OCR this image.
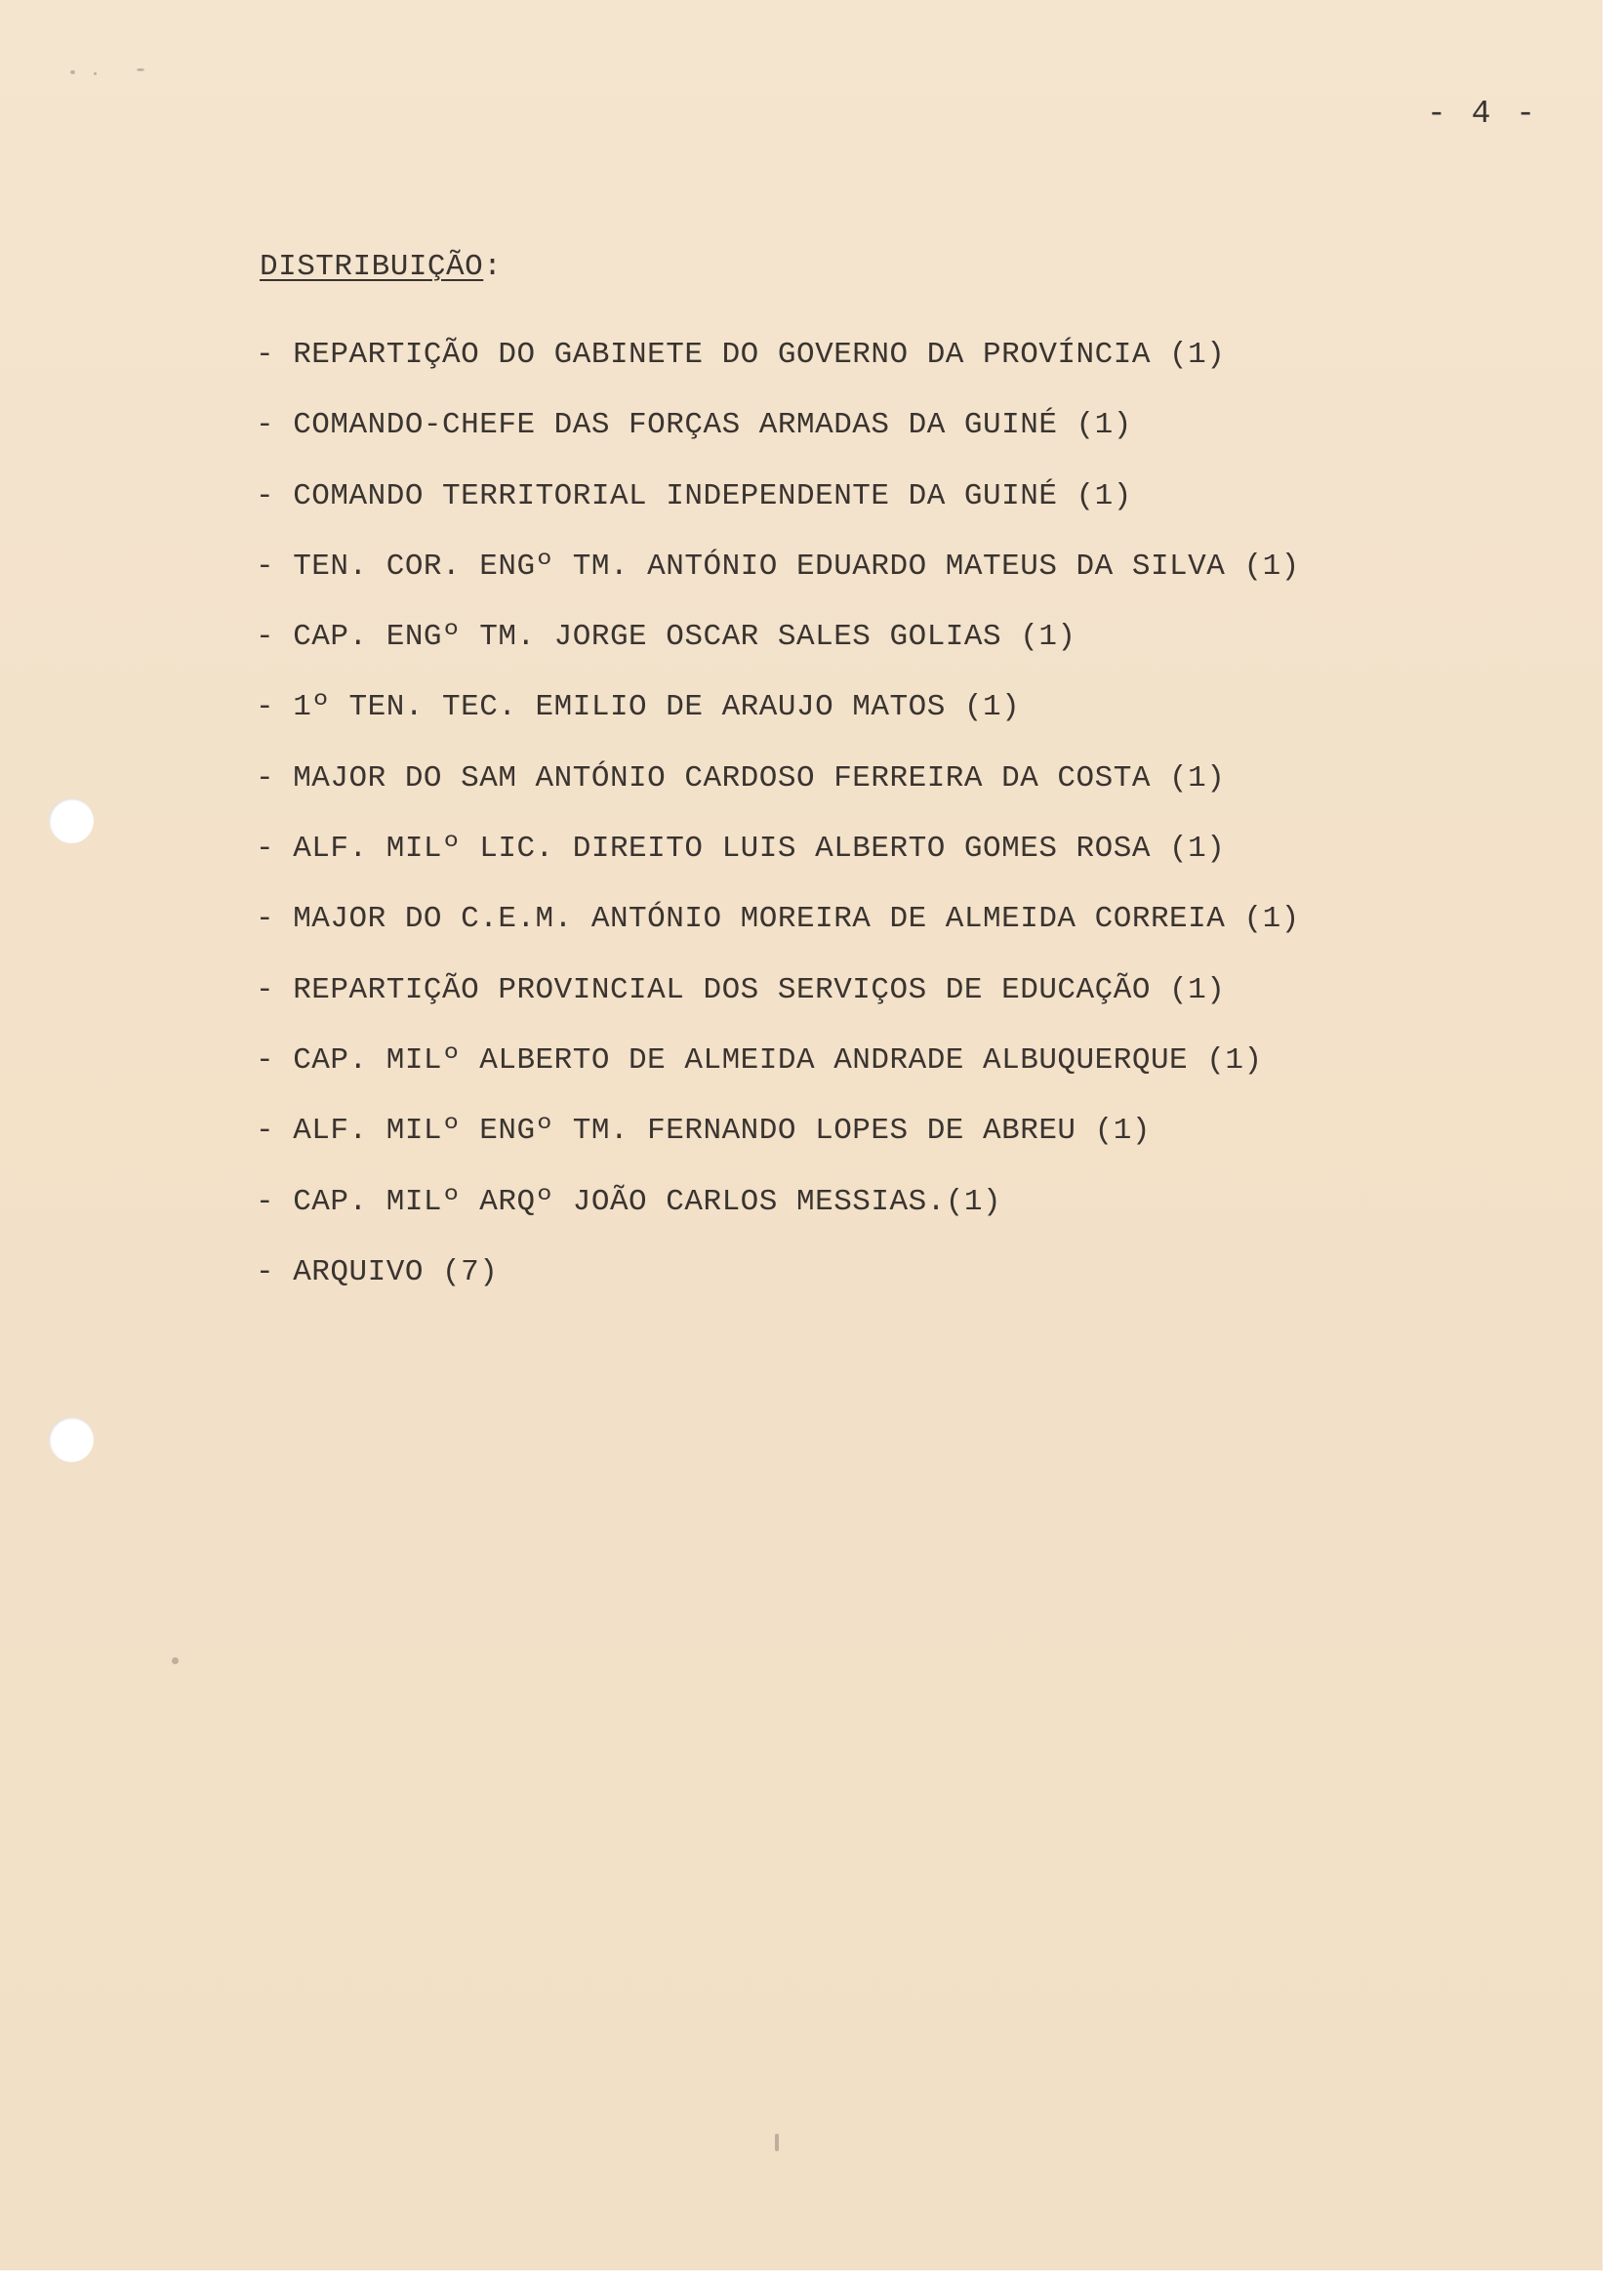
- 4 -
DISTRIBUIÇÃO:
- REPARTIÇÃO DO GABINETE DO GOVERNO DA PROVÍNCIA (1)
- COMANDO-CHEFE DAS FORÇAS ARMADAS DA GUINÉ (1)
- COMANDO TERRITORIAL INDEPENDENTE DA GUINÉ (1)
- TEN. COR. ENGº TM. ANTÓNIO EDUARDO MATEUS DA SILVA (1)
- CAP. ENGº TM. JORGE OSCAR SALES GOLIAS (1)
- 1º TEN. TEC. EMILIO DE ARAUJO MATOS (1)
- MAJOR DO SAM ANTÓNIO CARDOSO FERREIRA DA COSTA (1)
- ALF. MILº LIC. DIREITO LUIS ALBERTO GOMES ROSA (1)
- MAJOR DO C.E.M. ANTÓNIO MOREIRA DE ALMEIDA CORREIA (1)
- REPARTIÇÃO PROVINCIAL DOS SERVIÇOS DE EDUCAÇÃO (1)
- CAP. MILº ALBERTO DE ALMEIDA ANDRADE ALBUQUERQUE (1)
- ALF. MILº ENGº TM. FERNANDO LOPES DE ABREU (1)
- CAP. MILº ARQº JOÃO CARLOS MESSIAS.(1)
- ARQUIVO (7)
